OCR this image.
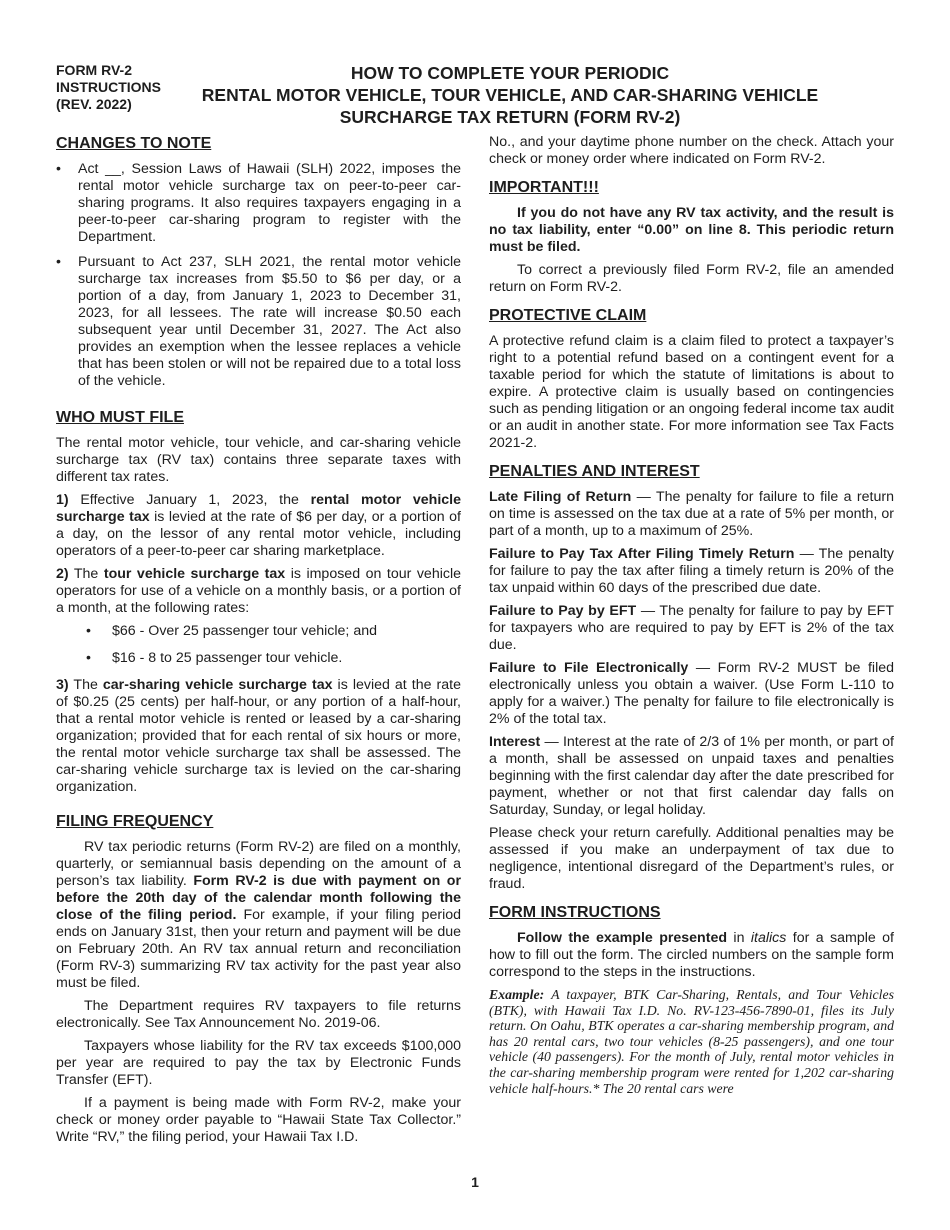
FORM RV-2
INSTRUCTIONS
(REV. 2022)
HOW TO COMPLETE YOUR PERIODIC
RENTAL MOTOR VEHICLE, TOUR VEHICLE, AND CAR-SHARING VEHICLE
SURCHARGE TAX RETURN (FORM RV-2)
CHANGES TO NOTE
• Act __, Session Laws of Hawaii (SLH) 2022, imposes the rental motor vehicle surcharge tax on peer-to-peer car-sharing programs. It also requires taxpayers engaging in a peer-to-peer car-sharing program to register with the Department.
• Pursuant to Act 237, SLH 2021, the rental motor vehicle surcharge tax increases from $5.50 to $6 per day, or a portion of a day, from January 1, 2023 to December 31, 2023, for all lessees. The rate will increase $0.50 each subsequent year until December 31, 2027. The Act also provides an exemption when the lessee replaces a vehicle that has been stolen or will not be repaired due to a total loss of the vehicle.
WHO MUST FILE

The rental motor vehicle, tour vehicle, and car-sharing vehicle surcharge tax (RV tax) contains three separate taxes with different tax rates.

1) Effective January 1, 2023, the rental motor vehicle surcharge tax is levied at the rate of $6 per day, or a portion of a day, on the lessor of any rental motor vehicle, including operators of a peer-to-peer car sharing marketplace.

2) The tour vehicle surcharge tax is imposed on tour vehicle operators for use of a vehicle on a monthly basis, or a portion of a month, at the following rates:

• $66 - Over 25 passenger tour vehicle; and
• $16 - 8 to 25 passenger tour vehicle.

3) The car-sharing vehicle surcharge tax is levied at the rate of $0.25 (25 cents) per half-hour, or any portion of a half-hour, that a rental motor vehicle is rented or leased by a car-sharing organization; provided that for each rental of six hours or more, the rental motor vehicle surcharge tax shall be assessed. The car-sharing vehicle surcharge tax is levied on the car-sharing organization.

FILING FREQUENCY

RV tax periodic returns (Form RV-2) are filed on a monthly, quarterly, or semiannual basis depending on the amount of a person’s tax liability. Form RV-2 is due with payment on or before the 20th day of the calendar month following the close of the filing period. For example, if your filing period ends on January 31st, then your return and payment will be due on February 20th. An RV tax annual return and reconciliation (Form RV-3) summarizing RV tax activity for the past year also must be filed.

The Department requires RV taxpayers to file returns electronically. See Tax Announcement No. 2019-06.

Taxpayers whose liability for the RV tax exceeds $100,000 per year are required to pay the tax by Electronic Funds Transfer (EFT).

If a payment is being made with Form RV-2, make your check or money order payable to “Hawaii State Tax Collector.” Write “RV,” the filing period, your Hawaii Tax I.D.

No., and your daytime phone number on the check. Attach your check or money order where indicated on Form RV-2.

IMPORTANT!!!

If you do not have any RV tax activity, and the result is no tax liability, enter “0.00” on line 8. This periodic return must be filed.

To correct a previously filed Form RV-2, file an amended return on Form RV-2.

PROTECTIVE CLAIM

A protective refund claim is a claim filed to protect a taxpayer’s right to a potential refund based on a contingent event for a taxable period for which the statute of limitations is about to expire. A protective claim is usually based on contingencies such as pending litigation or an ongoing federal income tax audit or an audit in another state. For more information see Tax Facts 2021-2.

PENALTIES AND INTEREST

Late Filing of Return — The penalty for failure to file a return on time is assessed on the tax due at a rate of 5% per month, or part of a month, up to a maximum of 25%.

Failure to Pay Tax After Filing Timely Return — The penalty for failure to pay the tax after filing a timely return is 20% of the tax unpaid within 60 days of the prescribed due date.

Failure to Pay by EFT — The penalty for failure to pay by EFT for taxpayers who are required to pay by EFT is 2% of the tax due.

Failure to File Electronically — Form RV-2 MUST be filed electronically unless you obtain a waiver. (Use Form L-110 to apply for a waiver.) The penalty for failure to file electronically is 2% of the total tax.

Interest — Interest at the rate of 2/3 of 1% per month, or part of a month, shall be assessed on unpaid taxes and penalties beginning with the first calendar day after the date prescribed for payment, whether or not that first calendar day falls on Saturday, Sunday, or legal holiday.

Please check your return carefully. Additional penalties may be assessed if you make an underpayment of tax due to negligence, intentional disregard of the Department’s rules, or fraud.

FORM INSTRUCTIONS

Follow the example presented in italics for a sample of how to fill out the form. The circled numbers on the sample form correspond to the steps in the instructions.

Example: A taxpayer, BTK Car-Sharing, Rentals, and Tour Vehicles (BTK), with Hawaii Tax I.D. No. RV-123-456-7890-01, files its July return. On Oahu, BTK operates a car-sharing membership program, and has 20 rental cars, two tour vehicles (8-25 passengers), and one tour vehicle (40 passengers). For the month of July, rental motor vehicles in the car-sharing membership program were rented for 1,202 car-sharing vehicle half-hours.* The 20 rental cars were

1
